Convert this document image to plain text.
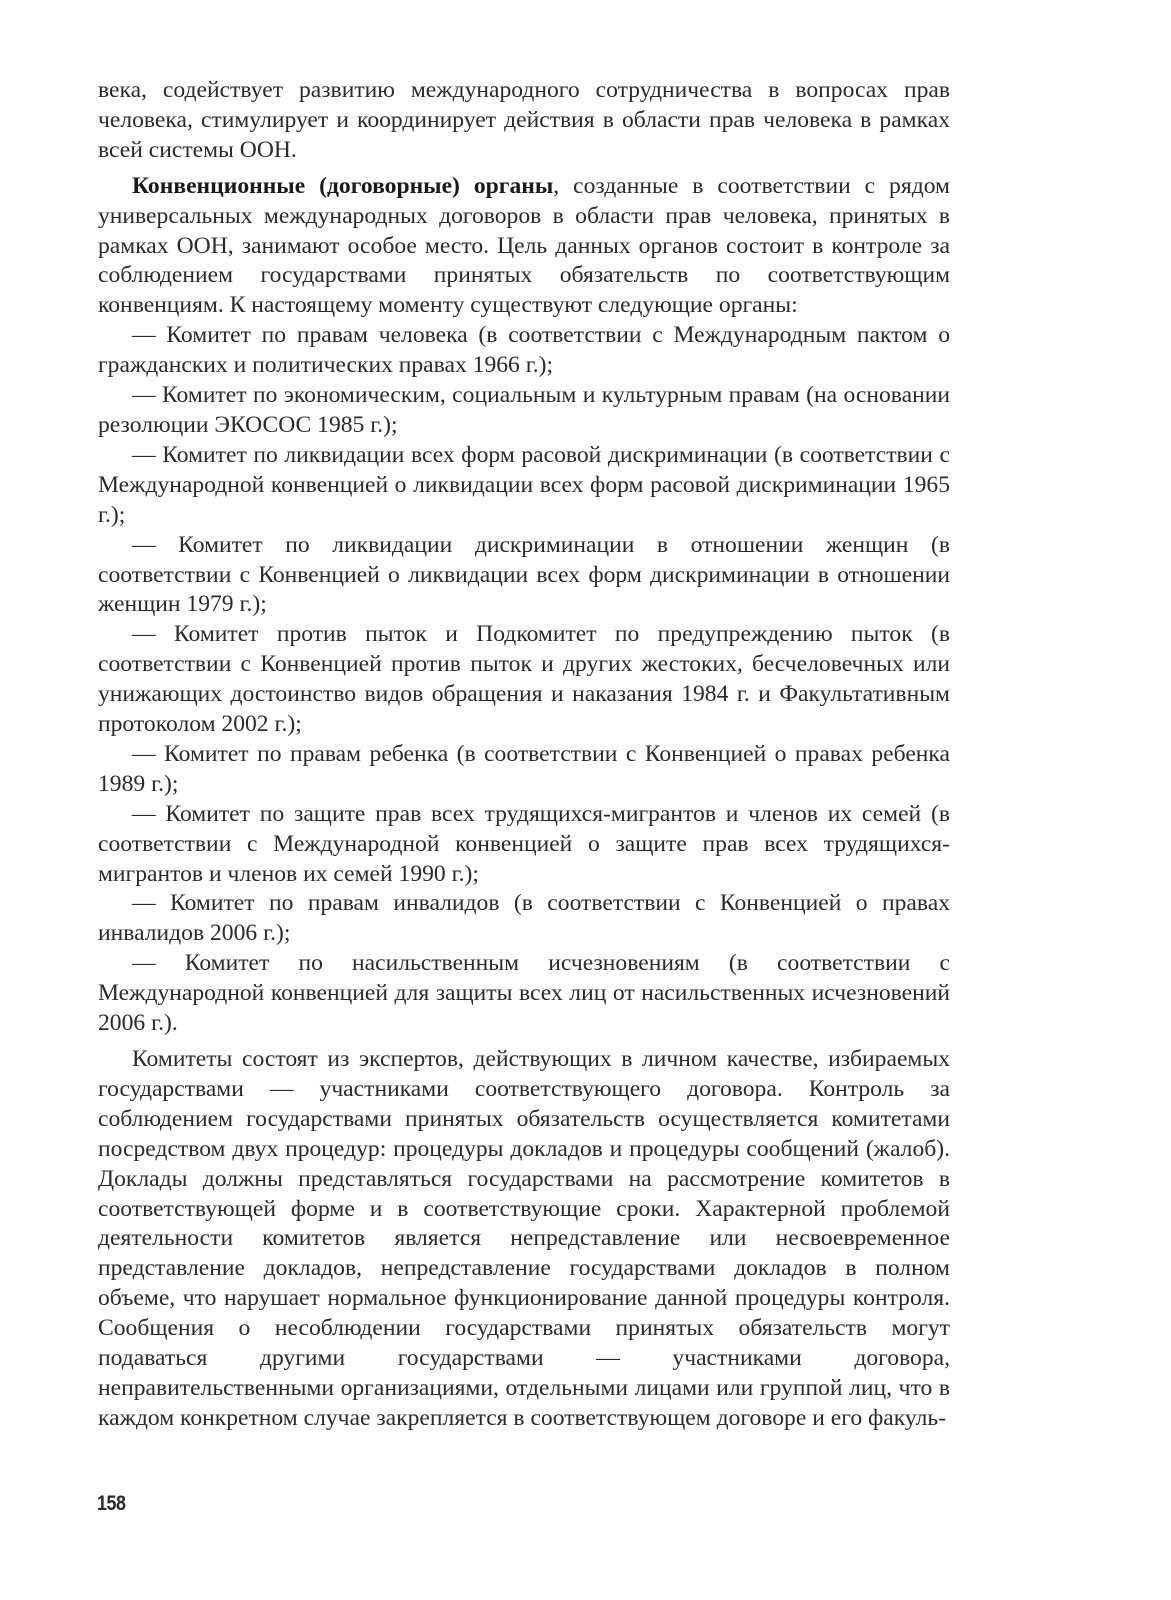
века, содействует развитию международного сотрудничества в вопросах прав человека, стимулирует и координирует действия в области прав человека в рамках всей системы ООН.

Конвенционные (договорные) органы, созданные в соответствии с рядом универсальных международных договоров в области прав человека, принятых в рамках ООН, занимают особое место. Цель данных органов состоит в контроле за соблюдением государствами принятых обязательств по соответствующим конвенциям. К настоящему моменту существуют следующие органы:

— Комитет по правам человека (в соответствии с Международным пактом о гражданских и политических правах 1966 г.);

— Комитет по экономическим, социальным и культурным правам (на основании резолюции ЭКОСОС 1985 г.);

— Комитет по ликвидации всех форм расовой дискриминации (в соответствии с Международной конвенцией о ликвидации всех форм расовой дискриминации 1965 г.);

— Комитет по ликвидации дискриминации в отношении женщин (в соответствии с Конвенцией о ликвидации всех форм дискриминации в отношении женщин 1979 г.);

— Комитет против пыток и Подкомитет по предупреждению пыток (в соответствии с Конвенцией против пыток и других жестоких, бесчеловечных или унижающих достоинство видов обращения и наказания 1984 г. и Факультативным протоколом 2002 г.);

— Комитет по правам ребенка (в соответствии с Конвенцией о правах ребенка 1989 г.);

— Комитет по защите прав всех трудящихся-мигрантов и членов их семей (в соответствии с Международной конвенцией о защите прав всех трудящихся-мигрантов и членов их семей 1990 г.);

— Комитет по правам инвалидов (в соответствии с Конвенцией о правах инвалидов 2006 г.);

— Комитет по насильственным исчезновениям (в соответствии с Международной конвенцией для защиты всех лиц от насильственных исчезновений 2006 г.).

Комитеты состоят из экспертов, действующих в личном качестве, избираемых государствами — участниками соответствующего договора. Контроль за соблюдением государствами принятых обязательств осуществляется комитетами посредством двух процедур: процедуры докладов и процедуры сообщений (жалоб). Доклады должны представляться государствами на рассмотрение комитетов в соответствующей форме и в соответствующие сроки. Характерной проблемой деятельности комитетов является непредставление или несвоевременное представление докладов, непредставление государствами докладов в полном объеме, что нарушает нормальное функционирование данной процедуры контроля. Сообщения о несоблюдении государствами принятых обязательств могут подаваться другими государствами — участниками договора, неправительственными организациями, отдельными лицами или группой лиц, что в каждом конкретном случае закрепляется в соответствующем договоре и его факуль-

158
